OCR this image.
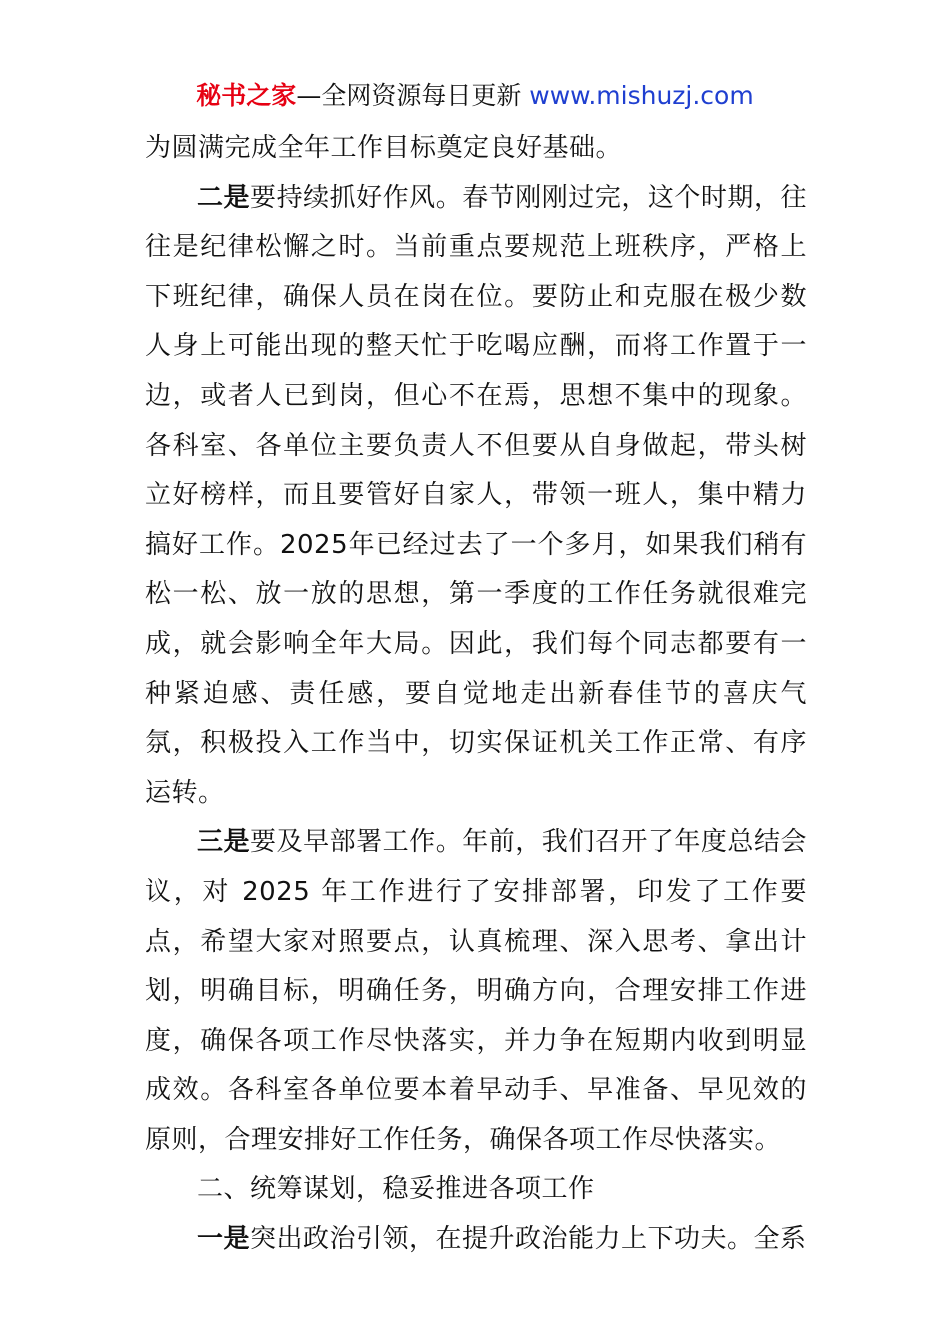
秘书之家—全网资源每日更新 www.mishuzj.com

为圆满完成全年工作目标奠定良好基础。

二是要持续抓好作风。春节刚刚过完，这个时期，往往是纪律松懈之时。当前重点要规范上班秩序，严格上下班纪律，确保人员在岗在位。要防止和克服在极少数人身上可能出现的整天忙于吃喝应酬，而将工作置于一边，或者人已到岗，但心不在焉，思想不集中的现象。各科室、各单位主要负责人不但要从自身做起，带头树立好榜样，而且要管好自家人，带领一班人，集中精力搞好工作。2025年已经过去了一个多月，如果我们稍有松一松、放一放的思想，第一季度的工作任务就很难完成，就会影响全年大局。因此，我们每个同志都要有一种紧迫感、责任感，要自觉地走出新春佳节的喜庆气氛，积极投入工作当中，切实保证机关工作正常、有序运转。

三是要及早部署工作。年前，我们召开了年度总结会议，对 2025 年工作进行了安排部署，印发了工作要点，希望大家对照要点，认真梳理、深入思考、拿出计划，明确目标，明确任务，明确方向，合理安排工作进度，确保各项工作尽快落实，并力争在短期内收到明显成效。各科室各单位要本着早动手、早准备、早见效的原则，合理安排好工作任务，确保各项工作尽快落实。

二、统筹谋划，稳妥推进各项工作

一是突出政治引领，在提升政治能力上下功夫。全系
